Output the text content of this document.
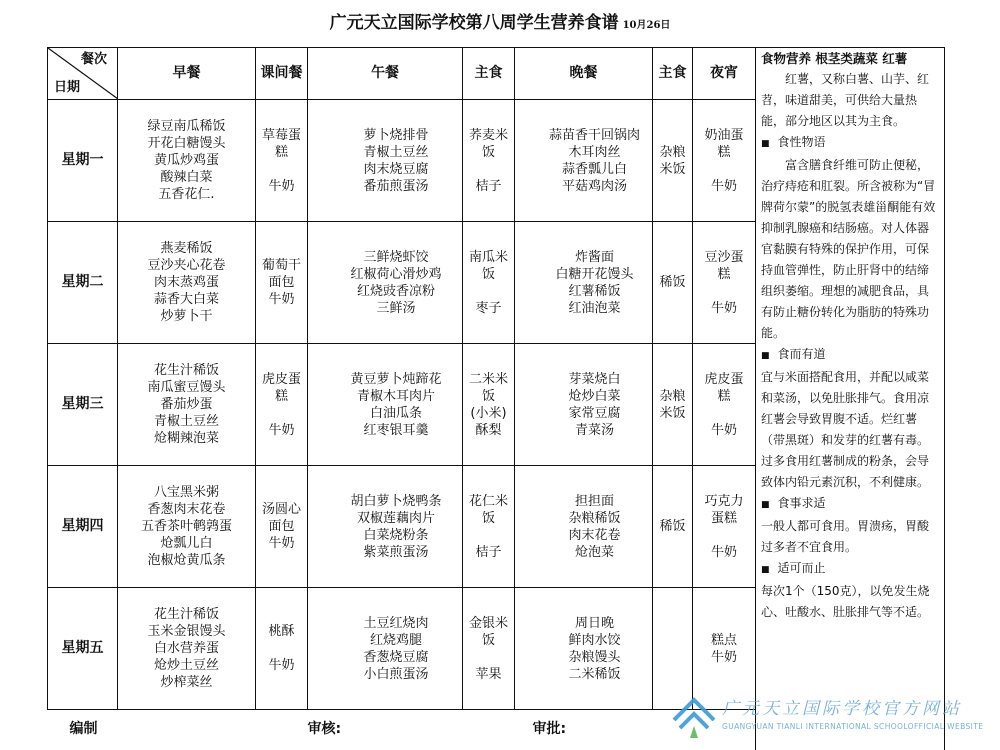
广元天立国际学校第八周学生营养食谱 10月26日
餐次
日期	早餐	课间餐	午餐	主食	晚餐	主食	夜宵
星期一	绿豆南瓜稀饭
开花白糖馒头
黄瓜炒鸡蛋
酸辣白菜
五香花仁.	草莓蛋
糕
牛奶	萝卜烧排骨
青椒土豆丝
肉末烧豆腐
番茄煎蛋汤	荞麦米
饭
桔子	蒜苗香干回锅肉
木耳肉丝
蒜香瓢儿白
平菇鸡肉汤	杂粮
米饭	奶油蛋
糕
牛奶

星期二	燕麦稀饭
豆沙夹心花卷
肉末蒸鸡蛋
蒜香大白菜
炒萝卜干	葡萄干
面包
牛奶	三鲜烧虾饺
红椒荷心滑炒鸡
红烧豉香凉粉
三鲜汤	南瓜米
饭
枣子	炸酱面
白糖开花馒头
红薯稀饭
红油泡菜	稀饭	豆沙蛋
糕
牛奶

星期三	花生汁稀饭
南瓜蜜豆馒头
番茄炒蛋
青椒土豆丝
炝糊辣泡菜	虎皮蛋
糕
牛奶	黄豆萝卜炖蹄花
青椒木耳肉片
白油瓜条
红枣银耳羹	二米米
饭
(小米)
酥梨	芽菜烧白
炝炒白菜
家常豆腐
青菜汤	杂粮
米饭	虎皮蛋
糕
牛奶

星期四	八宝黑米粥
香葱肉末花卷
五香茶叶鹌鹑蛋
炝瓢儿白
泡椒炝黄瓜条	汤圆心
面包
牛奶	胡白萝卜烧鸭条
双椒莲藕肉片
白菜烧粉条
紫菜煎蛋汤	花仁米
饭
桔子	担担面
杂粮稀饭
肉末花卷
炝泡菜	稀饭	巧克力
蛋糕
牛奶

星期五	花生汁稀饭
玉米金银馒头
白水营养蛋
炝炒土豆丝
炒榨菜丝	桃酥
牛奶	土豆红烧肉
红烧鸡腿
香葱烧豆腐
小白煎蛋汤	金银米
饭
苹果	周日晚
鲜肉水饺
杂粮馒头
二米稀饭		糕点
牛奶

编制 审核: 审批:							

食物营养 根茎类蔬菜 红薯

红薯，又称白薯、山芋、红苕，味道甜美，可供给大量热能，部分地区以其为主食。

■ 食性物语

富含膳食纤维可防止便秘，治疗痔疮和肛裂。所含被称为“冒牌荷尔蒙”的脱氢表雄甾酮能有效抑制乳腺癌和结肠癌。对人体器官黏膜有特殊的保护作用，可保持血管弹性，防止肝肾中的结缔组织萎缩。理想的减肥食品，具有防止糖份转化为脂肪的特殊功能。

■ 食而有道

宜与米面搭配食用，并配以咸菜和菜汤，以免肚胀排气。食用凉红薯会导致胃腹不适。烂红薯（带黑斑）和发芽的红薯有毒。过多食用红薯制成的粉条，会导致体内铅元素沉积，不利健康。

■ 食事求适

一般人都可食用。胃溃疡，胃酸过多者不宜食用。

■ 适可而止

每次1个（150克），以免发生烧心、吐酸水、肚胀排气等不适。

广元天立国际学校官方网站
GUANGYUAN TIANLI INTERNATIONAL SCHOOLOFFICIAL WEBSITE
